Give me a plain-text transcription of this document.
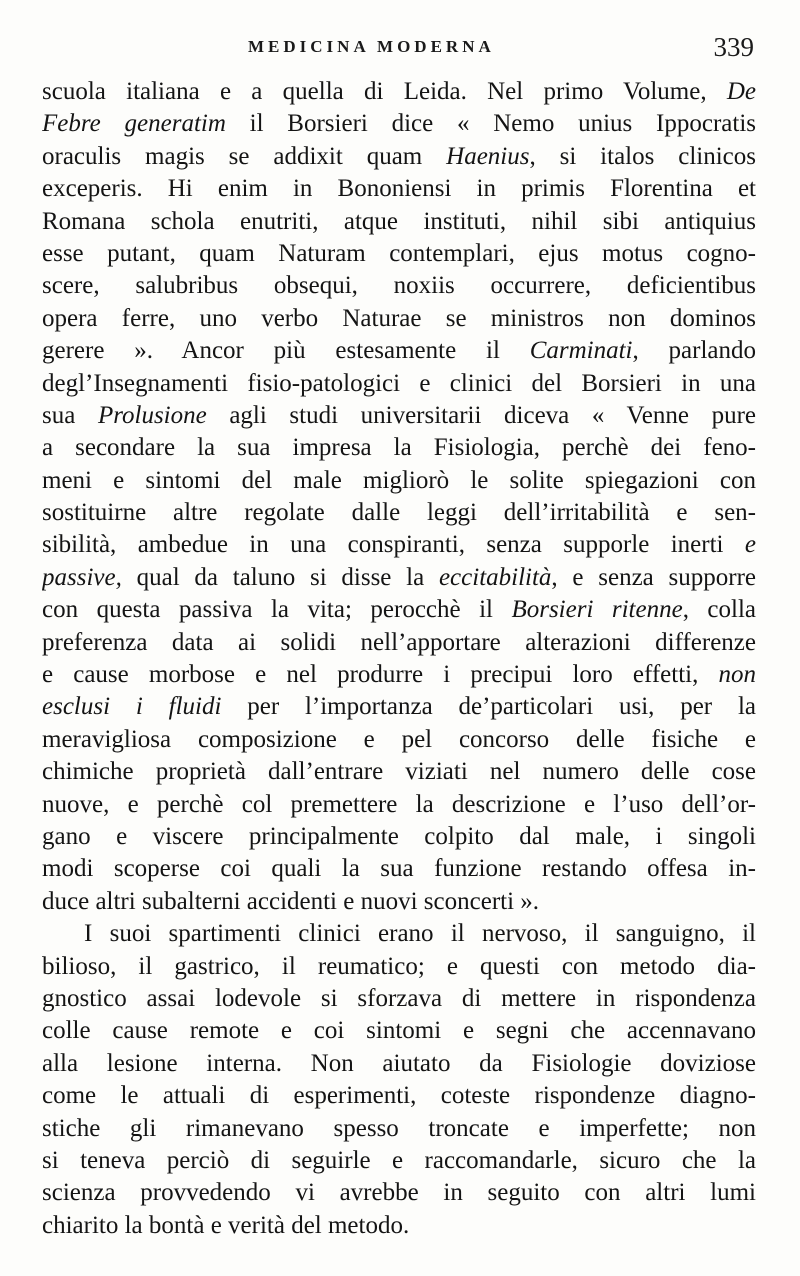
MEDICINA MODERNA	339
scuola italiana e a quella di Leida. Nel primo Volume, De
Febre generatim il Borsieri dice « Nemo unius Ippocratis
oraculis magis se addixit quam Haenius, si italos clinicos
exceperis. Hi enim in Bononiensi in primis Florentina et
Romana schola enutriti, atque instituti, nihil sibi antiquius
esse putant, quam Naturam contemplari, ejus motus cogno-
scere, salubribus obsequi, noxiis occurrere, deficientibus
opera ferre, uno verbo Naturae se ministros non dominos
gerere ». Ancor più estesamente il Carminati, parlando
degl’Insegnamenti fisio-patologici e clinici del Borsieri in una
sua Prolusione agli studi universitarii diceva « Venne pure
a secondare la sua impresa la Fisiologia, perchè dei feno-
meni e sintomi del male migliorò le solite spiegazioni con
sostituirne altre regolate dalle leggi dell’irritabilità e sen-
sibilità, ambedue in una conspiranti, senza supporle inerti e
passive, qual da taluno si disse la eccitabilità, e senza supporre
con questa passiva la vita; perocchè il Borsieri ritenne, colla
preferenza data ai solidi nell’apportare alterazioni differenze
e cause morbose e nel produrre i precipui loro effetti, non
esclusi i fluidi per l’importanza de’particolari usi, per la
meravigliosa composizione e pel concorso delle fisiche e
chimiche proprietà dall’entrare viziati nel numero delle cose
nuove, e perchè col premettere la descrizione e l’uso dell’or-
gano e viscere principalmente colpito dal male, i singoli
modi scoperse coi quali la sua funzione restando offesa in-
duce altri subalterni accidenti e nuovi sconcerti ».
I suoi spartimenti clinici erano il nervoso, il sanguigno, il
bilioso, il gastrico, il reumatico; e questi con metodo dia-
gnostico assai lodevole si sforzava di mettere in rispondenza
colle cause remote e coi sintomi e segni che accennavano
alla lesione interna. Non aiutato da Fisiologie doviziose
come le attuali di esperimenti, coteste rispondenze diagno-
stiche gli rimanevano spesso troncate e imperfette; non
si teneva perciò di seguirle e raccomandarle, sicuro che la
scienza provvedendo vi avrebbe in seguito con altri lumi
chiarito la bontà e verità del metodo.
